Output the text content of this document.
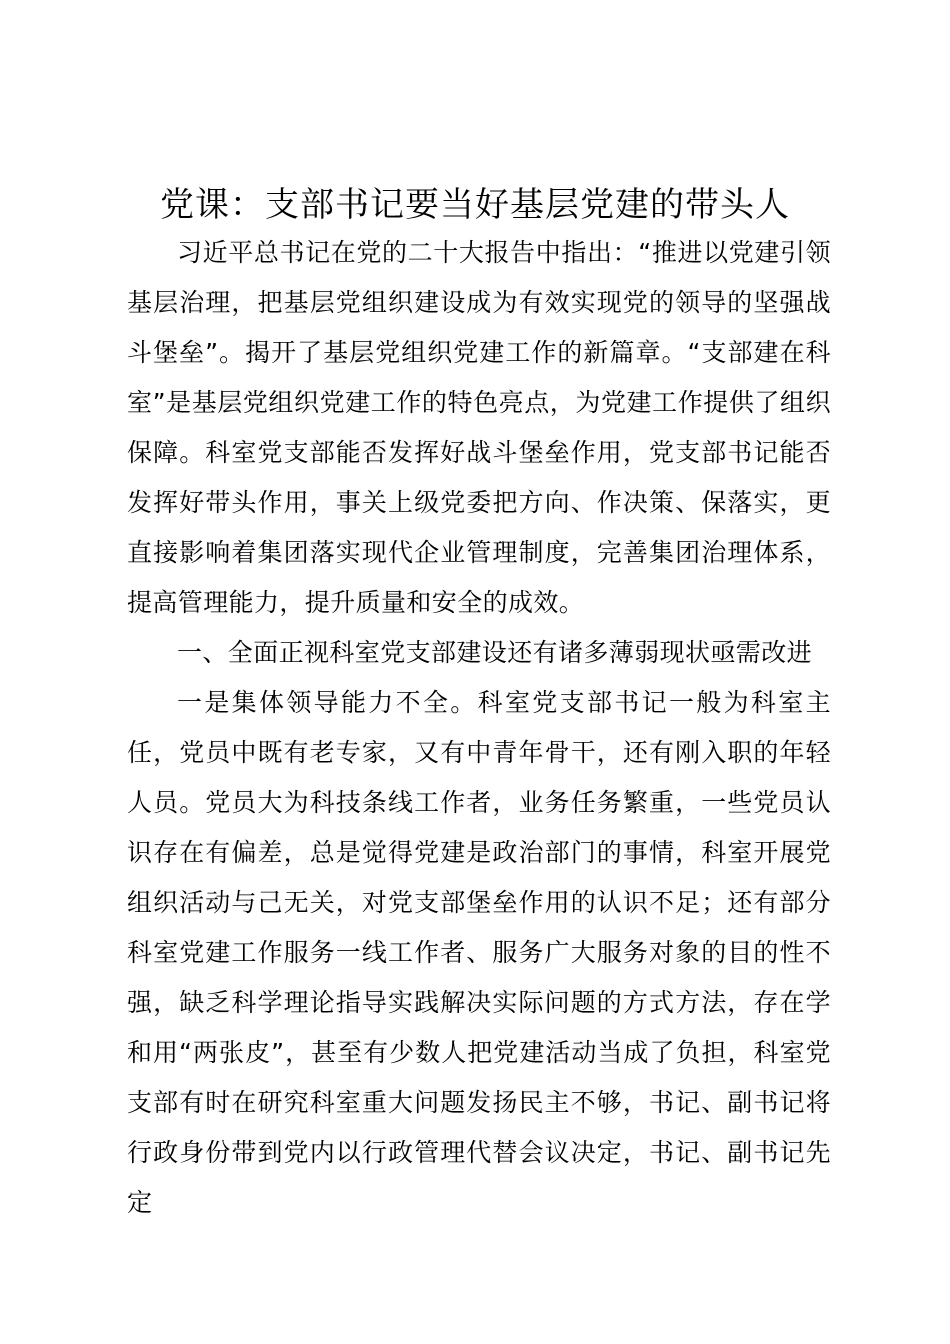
党课：支部书记要当好基层党建的带头人

习近平总书记在党的二十大报告中指出：“推进以党建引领基层治理，把基层党组织建设成为有效实现党的领导的坚强战斗堡垒”。揭开了基层党组织党建工作的新篇章。“支部建在科室”是基层党组织党建工作的特色亮点，为党建工作提供了组织保障。科室党支部能否发挥好战斗堡垒作用，党支部书记能否发挥好带头作用，事关上级党委把方向、作决策、保落实，更直接影响着集团落实现代企业管理制度，完善集团治理体系，提高管理能力，提升质量和安全的成效。

一、全面正视科室党支部建设还有诸多薄弱现状亟需改进

一是集体领导能力不全。科室党支部书记一般为科室主任，党员中既有老专家，又有中青年骨干，还有刚入职的年轻人员。党员大为科技条线工作者，业务任务繁重，一些党员认识存在有偏差，总是觉得党建是政治部门的事情，科室开展党组织活动与己无关，对党支部堡垒作用的认识不足；还有部分科室党建工作服务一线工作者、服务广大服务对象的目的性不强，缺乏科学理论指导实践解决实际问题的方式方法，存在学和用“两张皮”，甚至有少数人把党建活动当成了负担，科室党支部有时在研究科室重大问题发扬民主不够，书记、副书记将行政身份带到党内以行政管理代替会议决定，书记、副书记先定
